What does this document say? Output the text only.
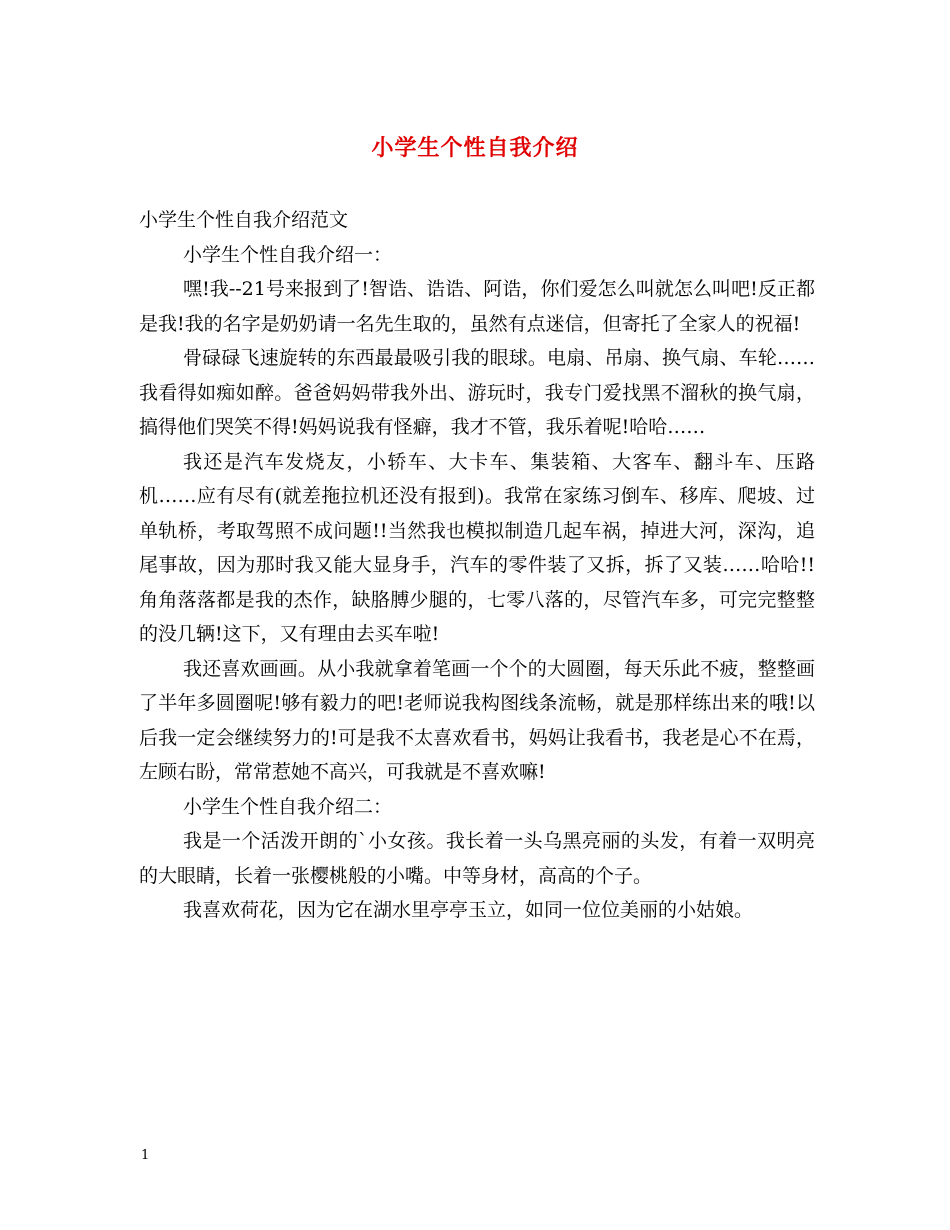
小学生个性自我介绍

小学生个性自我介绍范文

小学生个性自我介绍一：

嘿!我--21号来报到了!智诰、诰诰、阿诰，你们爱怎么叫就怎么叫吧!反正都是我!我的名字是奶奶请一名先生取的，虽然有点迷信，但寄托了全家人的祝福!

骨碌碌飞速旋转的东西最最吸引我的眼球。电扇、吊扇、换气扇、车轮……我看得如痴如醉。爸爸妈妈带我外出、游玩时，我专门爱找黑不溜秋的换气扇，搞得他们哭笑不得!妈妈说我有怪癖，我才不管，我乐着呢!哈哈……

我还是汽车发烧友，小轿车、大卡车、集装箱、大客车、翻斗车、压路机……应有尽有(就差拖拉机还没有报到)。我常在家练习倒车、移库、爬坡、过单轨桥，考取驾照不成问题!!当然我也模拟制造几起车祸，掉进大河，深沟，追尾事故，因为那时我又能大显身手，汽车的零件装了又拆，拆了又装……哈哈!!角角落落都是我的杰作，缺胳膊少腿的，七零八落的，尽管汽车多，可完完整整的没几辆!这下，又有理由去买车啦!

我还喜欢画画。从小我就拿着笔画一个个的大圆圈，每天乐此不疲，整整画了半年多圆圈呢!够有毅力的吧!老师说我构图线条流畅，就是那样练出来的哦!以后我一定会继续努力的!可是我不太喜欢看书，妈妈让我看书，我老是心不在焉，左顾右盼，常常惹她不高兴，可我就是不喜欢嘛!

小学生个性自我介绍二：

我是一个活泼开朗的`小女孩。我长着一头乌黑亮丽的头发，有着一双明亮的大眼睛，长着一张樱桃般的小嘴。中等身材，高高的个子。

我喜欢荷花，因为它在湖水里亭亭玉立，如同一位位美丽的小姑娘。

1
